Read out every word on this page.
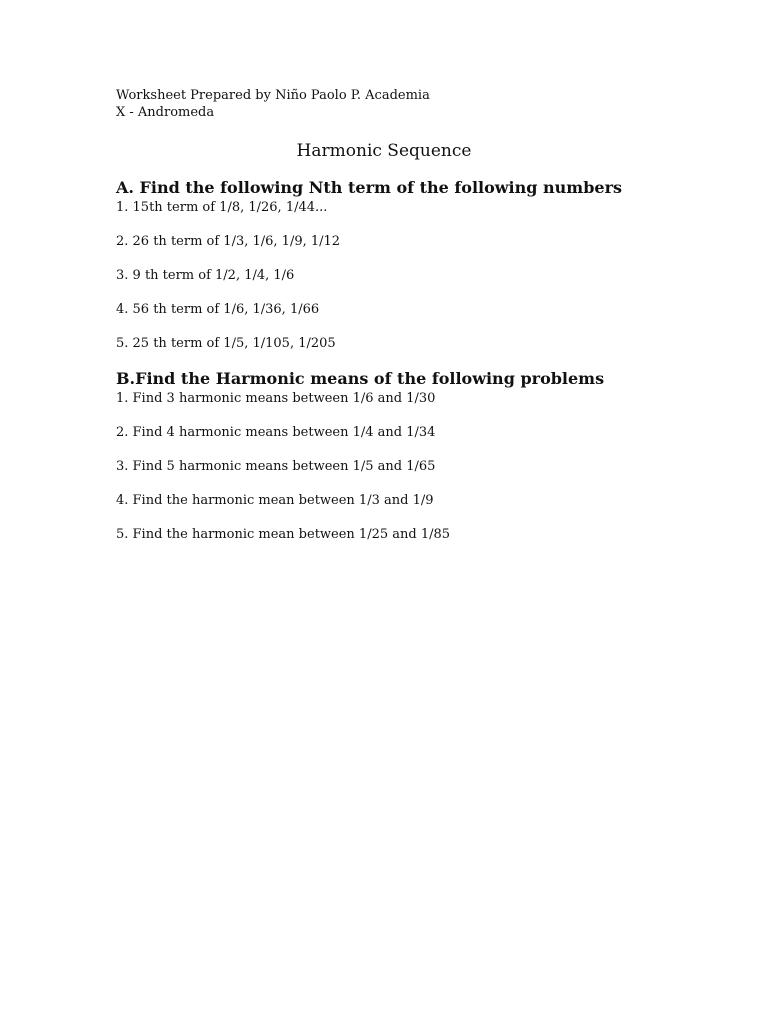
Worksheet Prepared by Niño Paolo P. Academia
X - Andromeda
Harmonic Sequence
A. Find the following Nth term of the following numbers
1. 15th term of 1/8, 1/26, 1/44...
2. 26 th term of 1/3, 1/6, 1/9, 1/12
3. 9 th term of 1/2, 1/4, 1/6
4. 56 th term of 1/6, 1/36, 1/66
5. 25 th term of 1/5, 1/105, 1/205
B.Find the Harmonic means of the following problems
1. Find 3 harmonic means between 1/6 and 1/30
2. Find 4 harmonic means between 1/4 and 1/34
3. Find 5 harmonic means between 1/5 and 1/65
4. Find the harmonic mean between 1/3 and 1/9
5. Find the harmonic mean between 1/25 and 1/85
